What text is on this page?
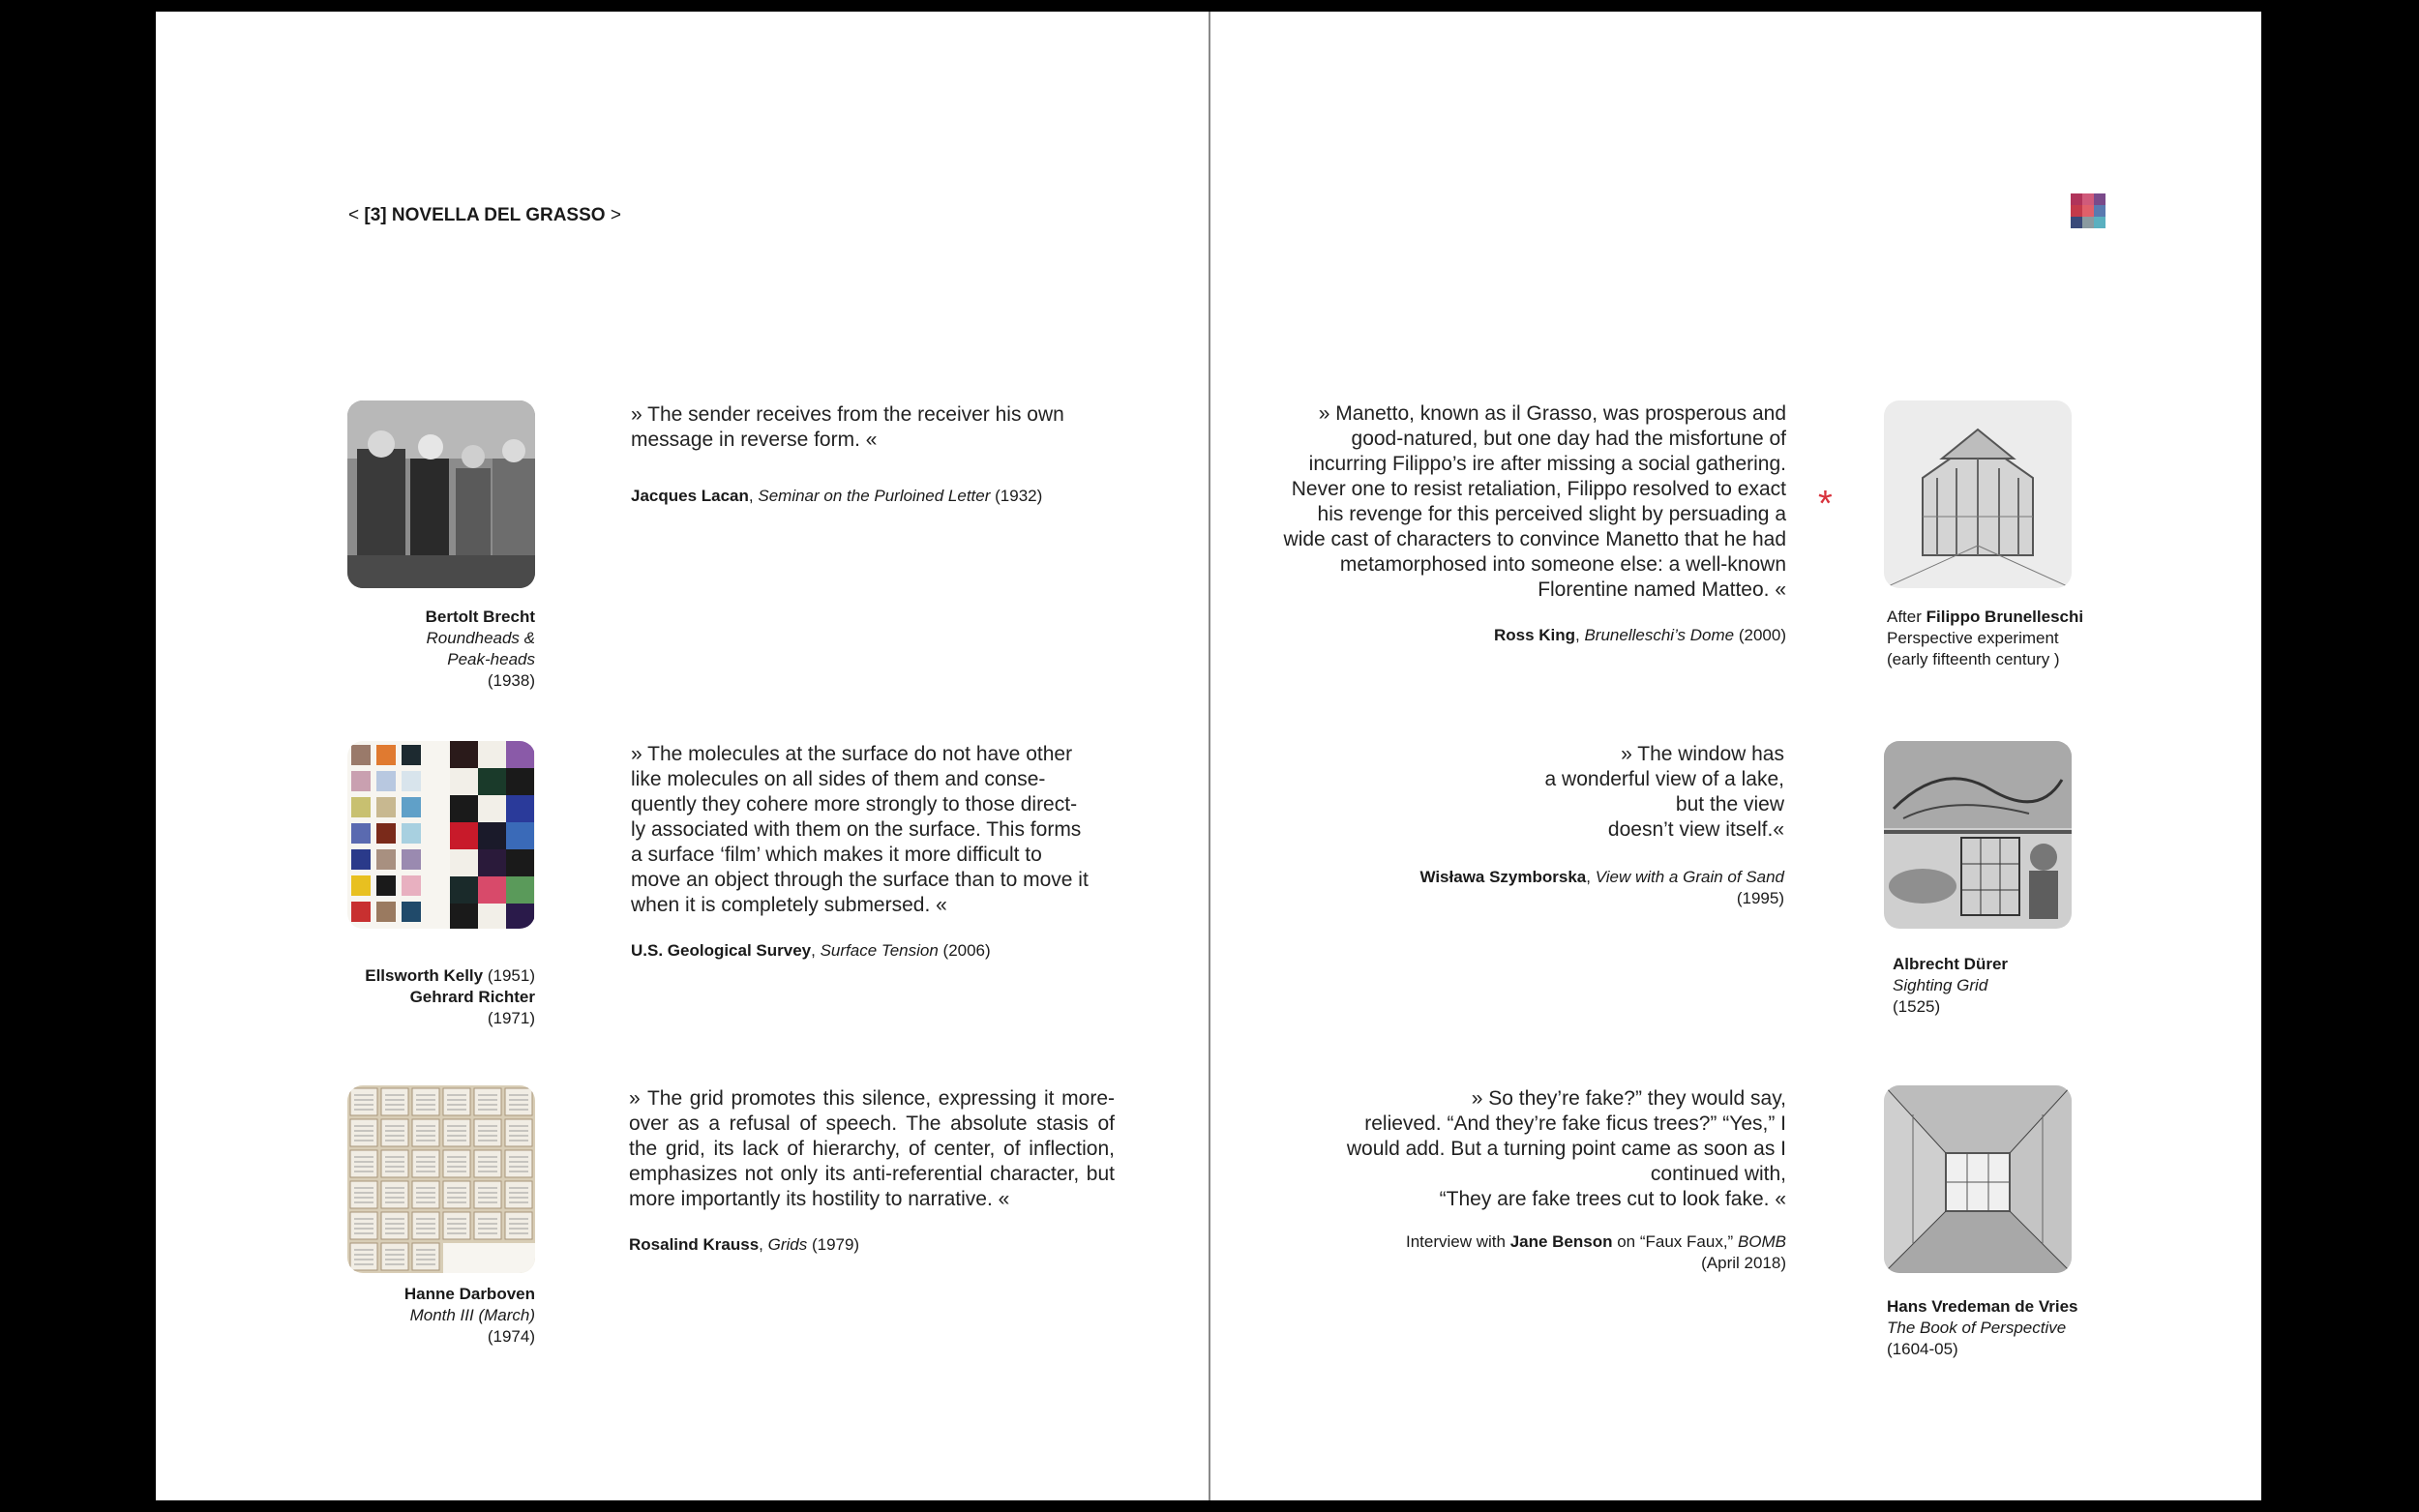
< [3] NOVELLA DEL GRASSO >
Bertolt Brecht
Roundheads & Peak-heads
(1938)
» The sender receives from the receiver his own message in reverse form. «
Jacques Lacan, Seminar on the Purloined Letter (1932)
Ellsworth Kelly (1951)
Gehrard Richter
(1971)
» The molecules at the surface do not have other like molecules on all sides of them and conse-quently they cohere more strongly to those direct-ly associated with them on the surface. This forms a surface ‘film’ which makes it more difficult to move an object through the surface than to move it when it is completely submersed. «
U.S. Geological Survey, Surface Tension (2006)
Hanne Darboven
Month III (March)
(1974)
» The grid promotes this silence, expressing it more-over as a refusal of speech. The absolute stasis of the grid, its lack of hierarchy, of center, of inflection, emphasizes not only its anti-referential character, but more importantly its hostility to narrative. «
Rosalind Krauss, Grids (1979)
» Manetto, known as il Grasso, was prosperous and good-natured, but one day had the misfortune of incurring Filippo’s ire after missing a social gathering. Never one to resist retaliation, Filippo resolved to exact his revenge for this perceived slight by persuading a wide cast of characters to convince Manetto that he had metamorphosed into someone else: a well-known Florentine named Matteo. «
Ross King, Brunelleschi’s Dome (2000)
*
After Filippo Brunelleschi
Perspective experiment
(early fifteenth century )
» The window has
a wonderful view of a lake,
but the view
doesn’t view itself.«
Wisława Szymborska, View with a Grain of Sand
(1995)
Albrecht Dürer
Sighting Grid
(1525)
» So they’re fake?” they would say,
relieved. “And they’re fake ficus trees?” “Yes,” I
would add. But a turning point came as soon as I
continued with,
“They are fake trees cut to look fake. «
Interview with Jane Benson on “Faux Faux,” BOMB (April 2018)
Hans Vredeman de Vries
The Book of Perspective
(1604-05)
